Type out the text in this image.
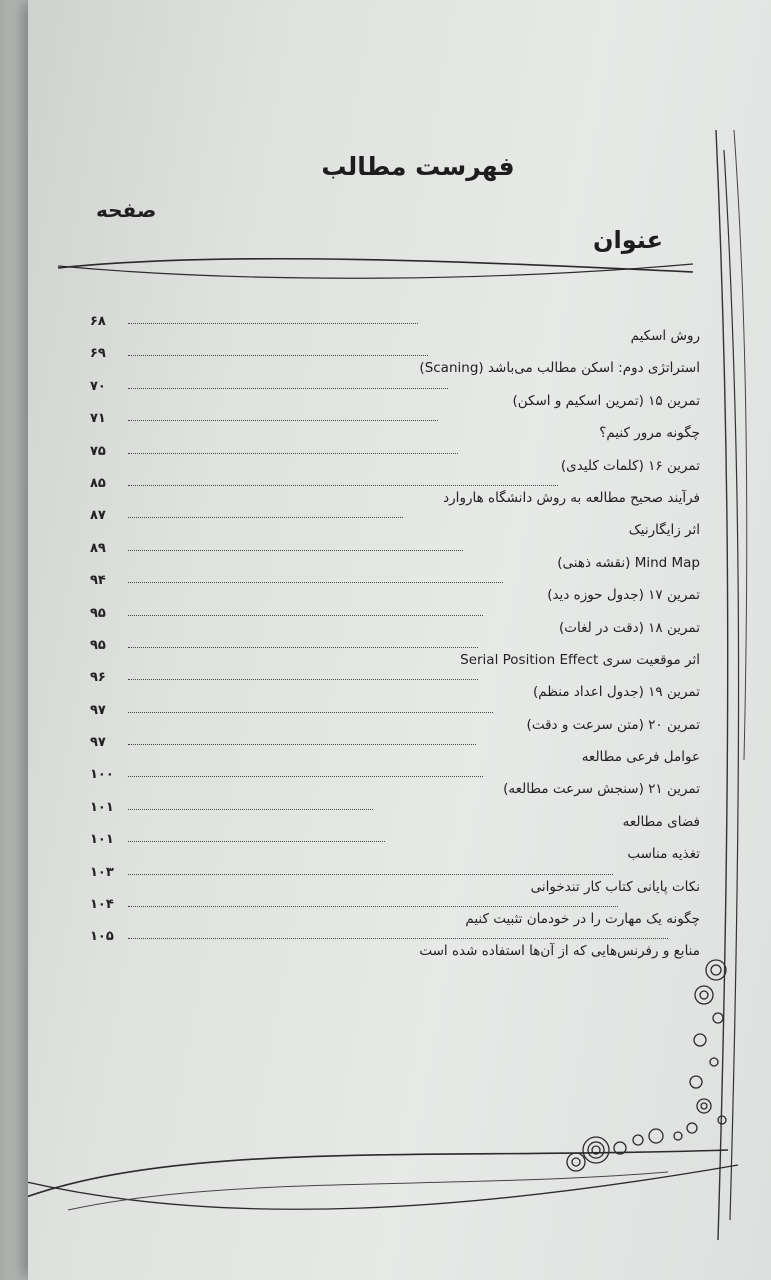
فهرست مطالب
صفحه
عنوان
روش اسکیم
۶۸
استراتژی دوم: اسکن مطالب می‌باشد (Scaning)
۶۹
تمرین ۱۵ (تمرین اسکیم و اسکن)
۷۰
چگونه مرور کنیم؟
۷۱
تمرین ۱۶ (کلمات کلیدی)
۷۵
فرآیند صحیح مطالعه به روش دانشگاه هاروارد
۸۵
اثر زایگارنیک
۸۷
Mind Map (نقشه ذهنی)
۸۹
تمرین ۱۷ (جدول حوزه دید)
۹۴
تمرین ۱۸ (دقت در لغات)
۹۵
اثر موقعیت سری Serial Position Effect
۹۵
تمرین ۱۹ (جدول اعداد منظم)
۹۶
تمرین ۲۰ (متن سرعت و دقت)
۹۷
عوامل فرعی مطالعه
۹۷
تمرین ۲۱ (سنجش سرعت مطالعه)
۱۰۰
فضای مطالعه
۱۰۱
تغذیه مناسب
۱۰۱
نکات پایانی کتاب کار تندخوانی
۱۰۳
چگونه یک مهارت را در خودمان تثبیت کنیم
۱۰۴
منابع و رفرنس‌هایی که از آن‌ها استفاده شده است
۱۰۵
